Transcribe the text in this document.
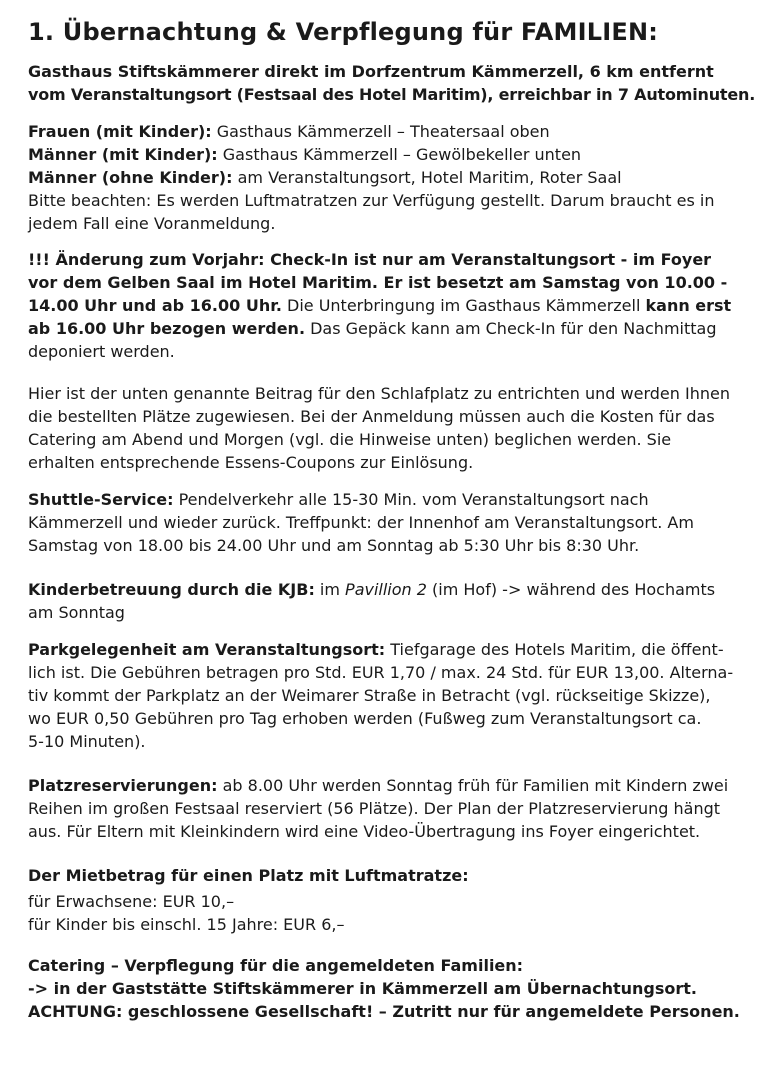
1. Übernachtung & Verpflegung für FAMILIEN:
Gasthaus Stiftskämmerer direkt im Dorfzentrum Kämmerzell, 6 km entfernt
vom Veranstaltungsort (Festsaal des Hotel Maritim), erreichbar in 7 Autominuten.
Frauen (mit Kinder): Gasthaus Kämmerzell – Theatersaal oben
Männer (mit Kinder): Gasthaus Kämmerzell – Gewölbekeller unten
Männer (ohne Kinder): am Veranstaltungsort, Hotel Maritim, Roter Saal
Bitte beachten: Es werden Luftmatratzen zur Verfügung gestellt. Darum braucht es in
jedem Fall eine Voranmeldung.
!!! Änderung zum Vorjahr: Check-In ist nur am Veranstaltungsort - im Foyer
vor dem Gelben Saal im Hotel Maritim. Er ist besetzt am Samstag von 10.00 -
14.00 Uhr und ab 16.00 Uhr. Die Unterbringung im Gasthaus Kämmerzell kann erst
ab 16.00 Uhr bezogen werden. Das Gepäck kann am Check-In für den Nachmittag
deponiert werden.
Hier ist der unten genannte Beitrag für den Schlafplatz zu entrichten und werden Ihnen
die bestellten Plätze zugewiesen. Bei der Anmeldung müssen auch die Kosten für das
Catering am Abend und Morgen (vgl. die Hinweise unten) beglichen werden. Sie
erhalten entsprechende Essens-Coupons zur Einlösung.
Shuttle-Service: Pendelverkehr alle 15-30 Min. vom Veranstaltungsort nach
Kämmerzell und wieder zurück. Treffpunkt: der Innenhof am Veranstaltungsort. Am
Samstag von 18.00 bis 24.00 Uhr und am Sonntag ab 5:30 Uhr bis 8:30 Uhr.
Kinderbetreuung durch die KJB: im Pavillion 2 (im Hof) -> während des Hochamts
am Sonntag
Parkgelegenheit am Veranstaltungsort: Tiefgarage des Hotels Maritim, die öffent-
lich ist. Die Gebühren betragen pro Std. EUR 1,70 / max. 24 Std. für EUR 13,00. Alterna-
tiv kommt der Parkplatz an der Weimarer Straße in Betracht (vgl. rückseitige Skizze),
wo EUR 0,50 Gebühren pro Tag erhoben werden (Fußweg zum Veranstaltungsort ca.
5-10 Minuten).
Platzreservierungen: ab 8.00 Uhr werden Sonntag früh für Familien mit Kindern zwei
Reihen im großen Festsaal reserviert (56 Plätze). Der Plan der Platzreservierung hängt
aus. Für Eltern mit Kleinkindern wird eine Video-Übertragung ins Foyer eingerichtet.
Der Mietbetrag für einen Platz mit Luftmatratze:
für Erwachsene: EUR 10,–
für Kinder bis einschl. 15 Jahre: EUR 6,–
Catering – Verpflegung für die angemeldeten Familien:
-> in der Gaststätte Stiftskämmerer in Kämmerzell am Übernachtungsort.
ACHTUNG: geschlossene Gesellschaft! – Zutritt nur für angemeldete Personen.
